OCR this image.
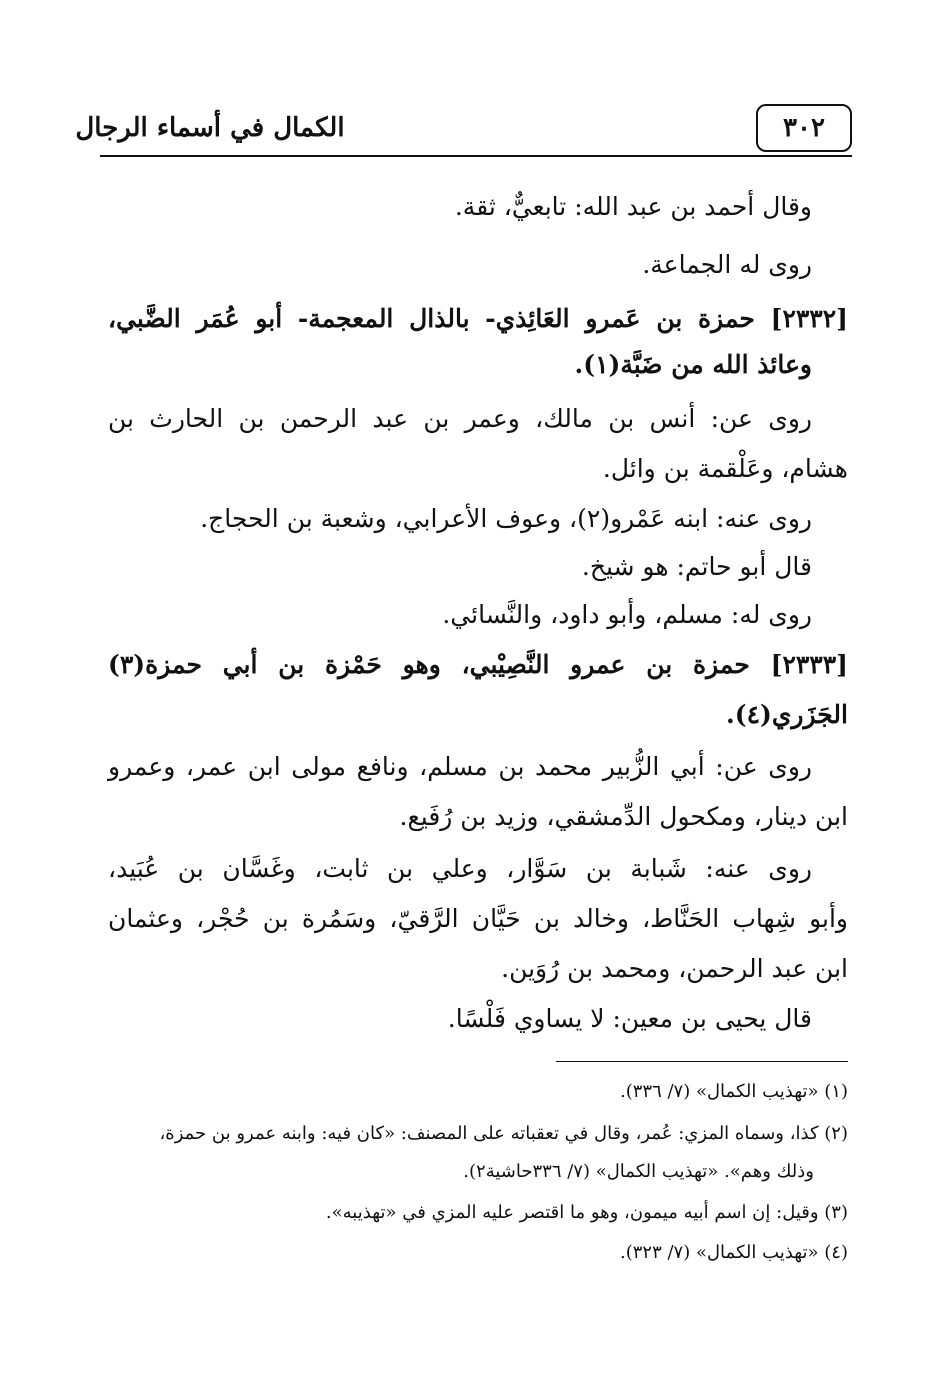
٣٠٢
الكمال في أسماء الرجال
وقال أحمد بن عبد الله: تابعيٌّ، ثقة.
روى له الجماعة.
[٢٣٣٢] حمزة بن عَمرو العَائِذي- بالذال المعجمة- أبو عُمَر الضَّبي،
وعائذ الله من ضَبَّة(١).
روى عن: أنس بن مالك، وعمر بن عبد الرحمن بن الحارث بن
هشام، وعَلْقمة بن وائل.
روى عنه: ابنه عَمْرو(٢)، وعوف الأعرابي، وشعبة بن الحجاج.
قال أبو حاتم: هو شيخ.
روى له: مسلم، وأبو داود، والنَّسائي.
[٢٣٣٣] حمزة بن عمرو النَّصِيْبي، وهو حَمْزة بن أبي حمزة(٣)
الجَزَري(٤).
روى عن: أبي الزُّبير محمد بن مسلم، ونافع مولى ابن عمر، وعمرو
ابن دينار، ومكحول الدِّمشقي، وزيد بن رُفَيع.
روى عنه: شَبابة بن سَوَّار، وعلي بن ثابت، وغَسَّان بن عُبَيد،
وأبو شِهاب الحَنَّاط، وخالد بن حَيَّان الرَّقيّ، وسَمُرة بن حُجْر، وعثمان
ابن عبد الرحمن، ومحمد بن رُوَين.
قال يحيى بن معين: لا يساوي فَلْسًا.
(١) «تهذيب الكمال» (٧/ ٣٣٦).
(٢) كذا، وسماه المزي: عُمر، وقال في تعقباته على المصنف: «كان فيه: وابنه عمرو بن حمزة،
وذلك وهم». «تهذيب الكمال» (٧/ ٣٣٦حاشية٢).
(٣) وقيل: إن اسم أبيه ميمون، وهو ما اقتصر عليه المزي في «تهذيبه».
(٤) «تهذيب الكمال» (٧/ ٣٢٣).
